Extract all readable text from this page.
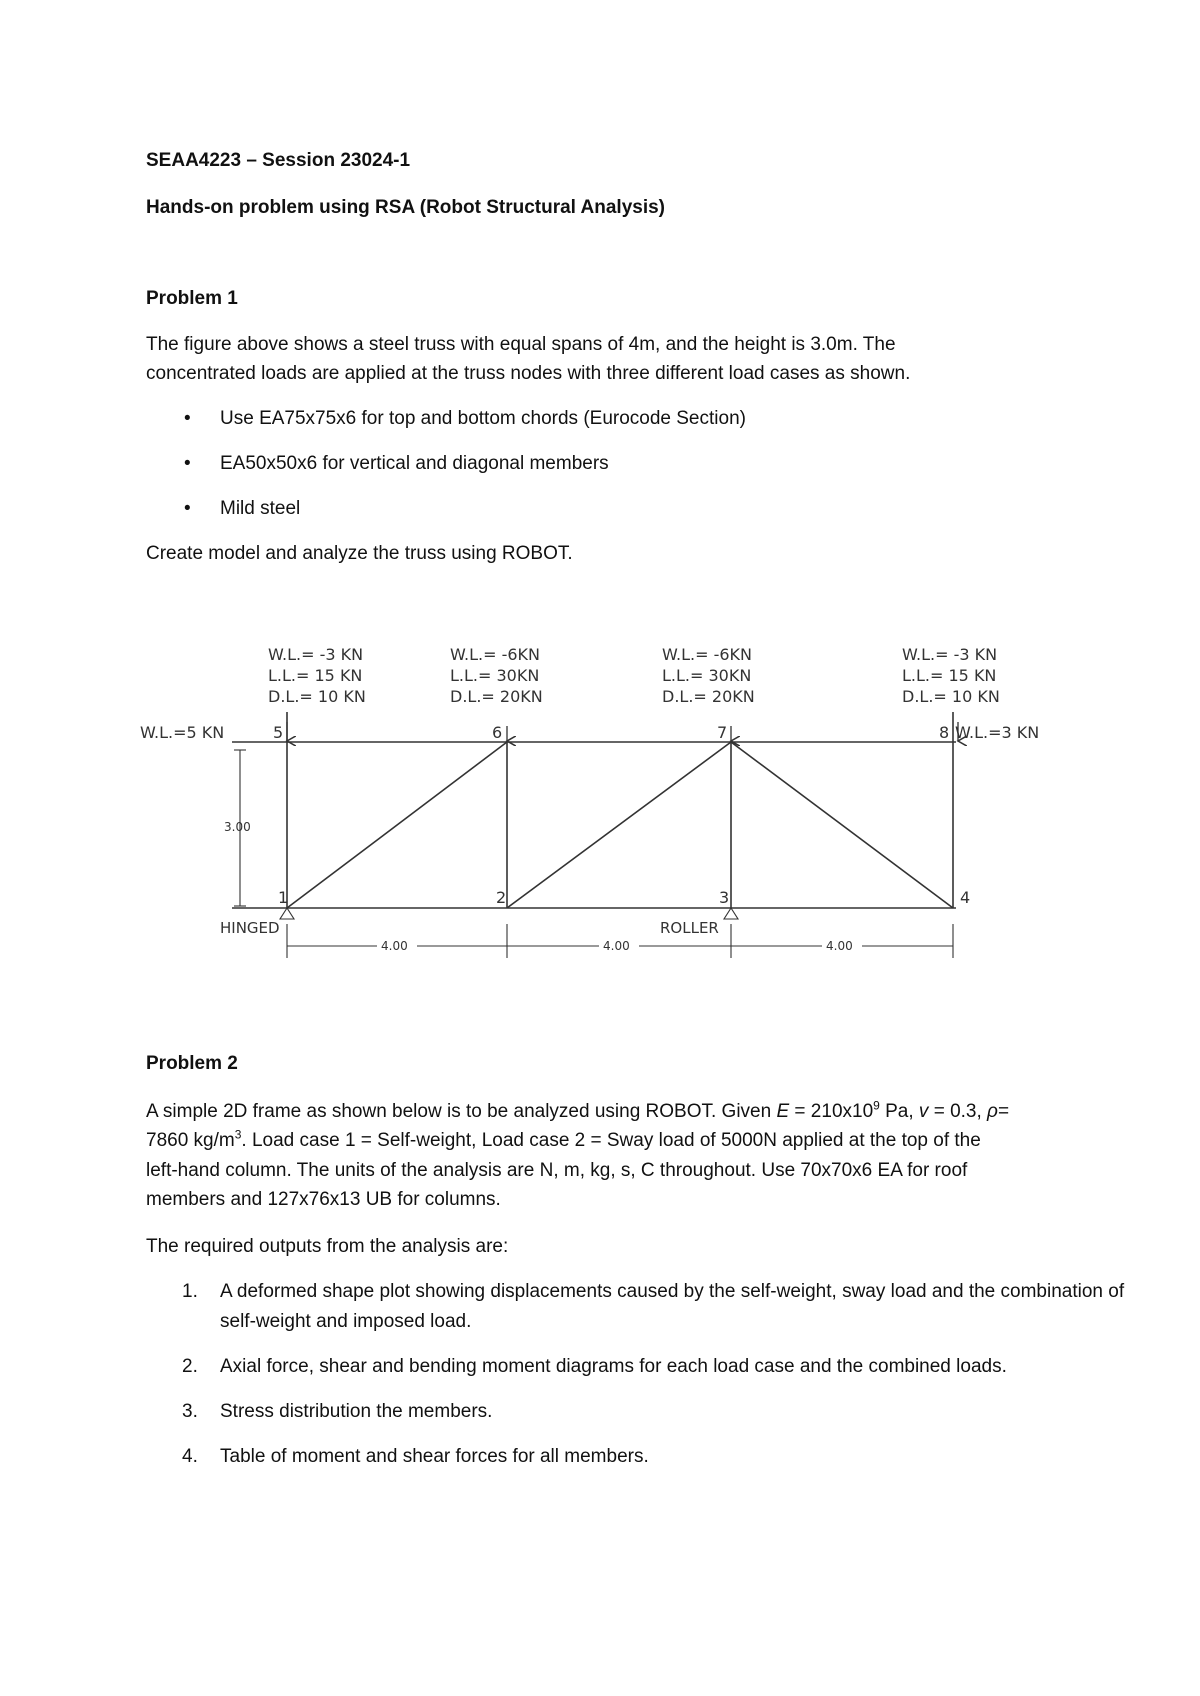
SEAA4223 – Session 23024-1
Hands-on problem using RSA (Robot Structural Analysis)
Problem 1
The figure above shows a steel truss with equal spans of 4m, and the height is 3.0m. The
concentrated loads are applied at the truss nodes with three different load cases as shown.
• Use EA75x75x6 for top and bottom chords (Eurocode Section)
• EA50x50x6 for vertical and diagonal members
• Mild steel
Create model and analyze the truss using ROBOT.
W.L.= -3 KN
L.L.= 15 KN
D.L.= 10 KN
W.L.= -6KN
L.L.= 30KN
D.L.= 20KN
W.L.= -6KN
L.L.= 30KN
D.L.= 20KN
W.L.= -3 KN
L.L.= 15 KN
D.L.= 10 KN
W.L.=5 KN	W.L.=3 KN
5	6	7	8
1	2	3	4
3.00
HINGED	ROLLER
4.00	4.00	4.00
Problem 2
A simple 2D frame as shown below is to be analyzed using ROBOT. Given $E = 210x10^9$ Pa, v = 0.3, ρ=
7860 $kg/m^3$. Load case 1 = Self-weight, Load case 2 = Sway load of 5000N applied at the top of the
left-hand column. The units of the analysis are N, m, kg, s, C throughout. Use 70x70x6 EA for roof
members and 127x76x13 UB for columns.
The required outputs from the analysis are:
1. A deformed shape plot showing displacements caused by the self-weight, sway load and the combination of self-weight and imposed load.
2. Axial force, shear and bending moment diagrams for each load case and the combined loads.
3. Stress distribution the members.
4. Table of moment and shear forces for all members.
